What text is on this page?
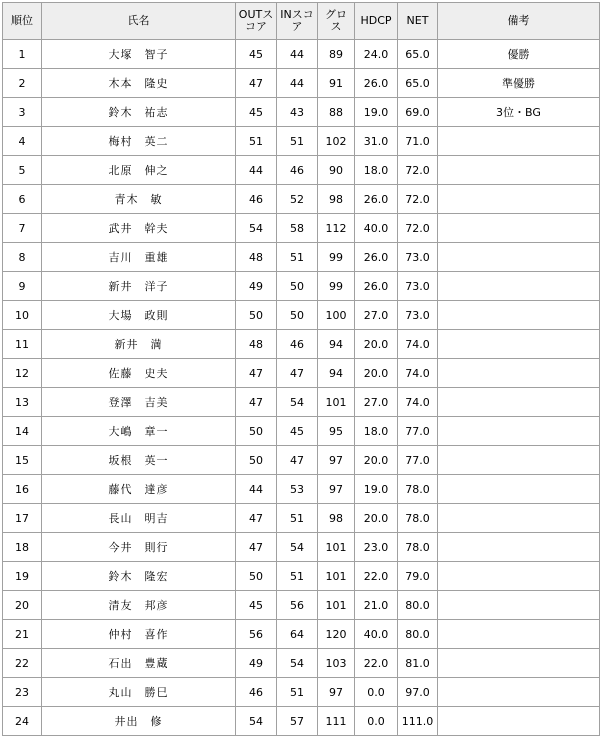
順位	氏名	OUTスコア	INスコア	グロス	HDCP	NET	備考
1	大塚　智子	45	44	89	24.0	65.0	優勝
2	木本　隆史	47	44	91	26.0	65.0	準優勝
3	鈴木　祐志	45	43	88	19.0	69.0	3位・BG
4	梅村　英二	51	51	102	31.0	71.0	
5	北原　伸之	44	46	90	18.0	72.0	
6	青木　敏	46	52	98	26.0	72.0	
7	武井　幹夫	54	58	112	40.0	72.0	
8	吉川　重雄	48	51	99	26.0	73.0	
9	新井　洋子	49	50	99	26.0	73.0	
10	大場　政則	50	50	100	27.0	73.0	
11	新井　満	48	46	94	20.0	74.0	
12	佐藤　史夫	47	47	94	20.0	74.0	
13	登澤　吉美	47	54	101	27.0	74.0	
14	大嶋　章一	50	45	95	18.0	77.0	
15	坂根　英一	50	47	97	20.0	77.0	
16	藤代　達彦	44	53	97	19.0	78.0	
17	長山　明吉	47	51	98	20.0	78.0	
18	今井　則行	47	54	101	23.0	78.0	
19	鈴木　隆宏	50	51	101	22.0	79.0	
20	清友　邦彦	45	56	101	21.0	80.0	
21	仲村　喜作	56	64	120	40.0	80.0	
22	石出　豊蔵	49	54	103	22.0	81.0	
23	丸山　勝巳	46	51	97	0.0	97.0	
24	井出　修	54	57	111	0.0	111.0	
